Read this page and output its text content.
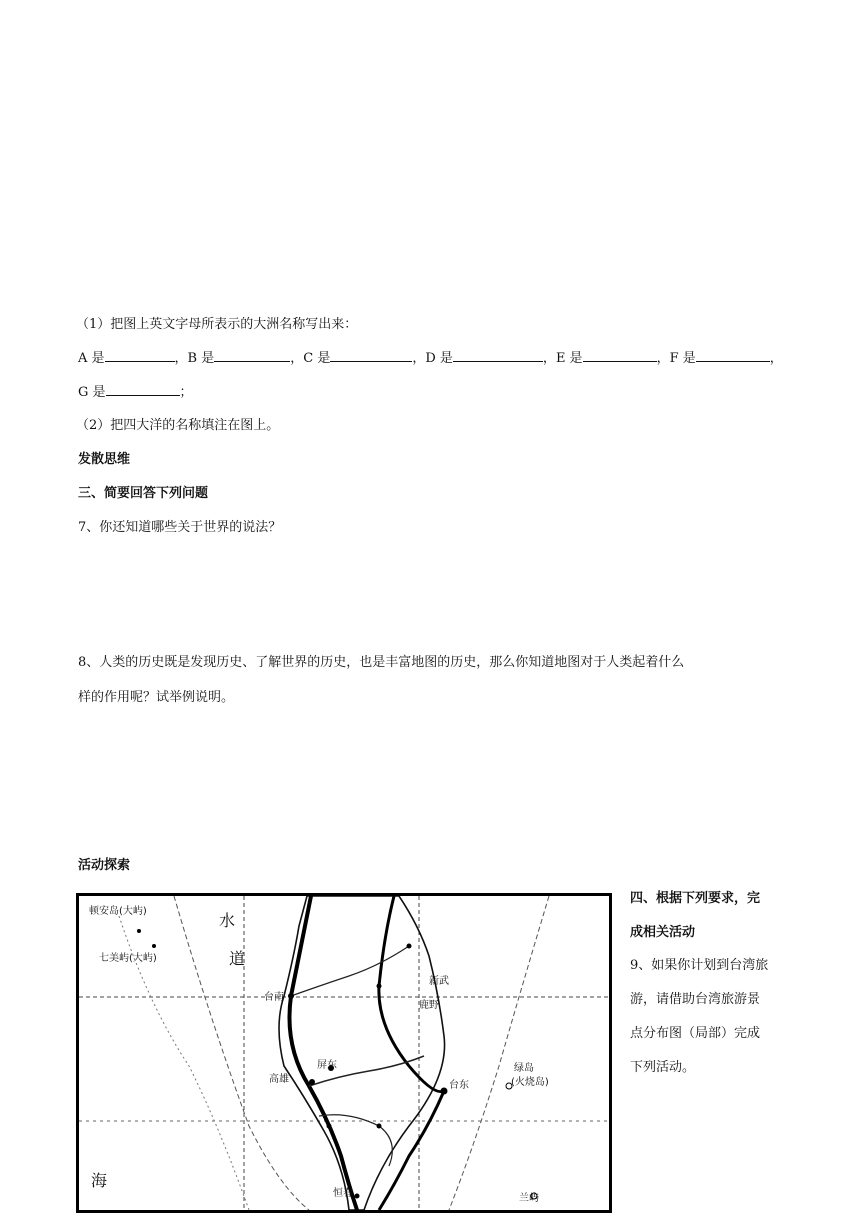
（1）把图上英文字母所表示的大洲名称写出来：
A 是	，B 是	，C 是	，D 是	，E 是	，F 是	，
G 是	；
（2）把四大洋的名称填注在图上。
发散思维
三、简要回答下列问题
7、你还知道哪些关于世界的说法？
8、人类的历史既是发现历史、了解世界的历史，也是丰富地图的历史，那么你知道地图对于人类起着什么
样的作用呢？试举例说明。
活动探索
水
道
海
顿安岛(大屿)
七美屿(大屿)
台南
屏东
高雄
台东
新武
鹿野
恒春
绿岛
(火烧岛)
兰屿
四、根据下列要求，完
成相关活动
9、如果你计划到台湾旅
游，请借助台湾旅游景
点分布图（局部）完成
下列活动。
